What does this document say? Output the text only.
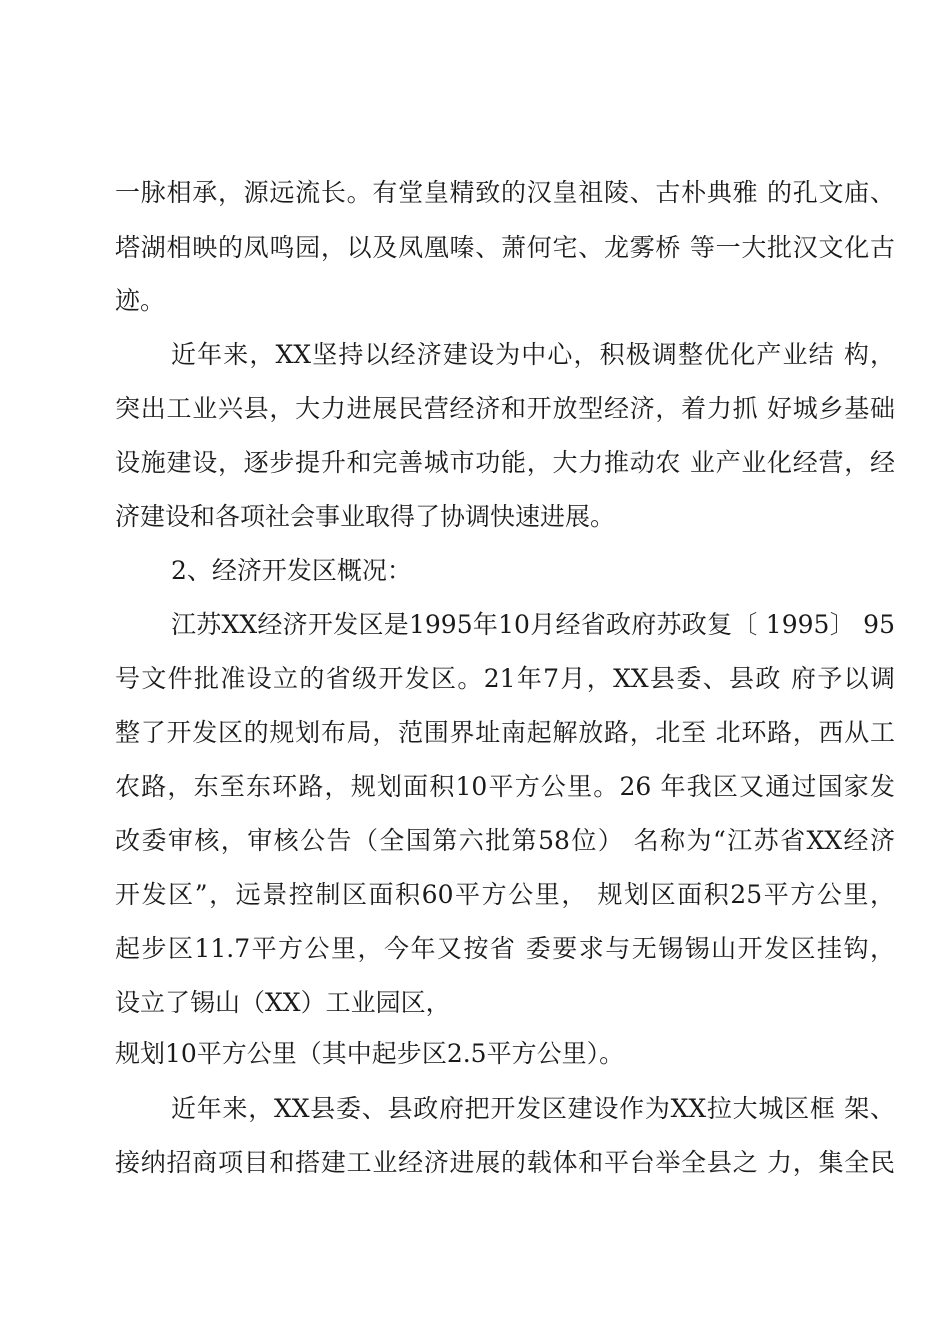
一脉相承，源远流长。有堂皇精致的汉皇祖陵、古朴典雅 的孔文庙、
塔湖相映的凤鸣园，以及凤凰嗪、萧何宅、龙雾桥 等一大批汉文化古
迹。
近年来，XX坚持以经济建设为中心，积极调整优化产业结 构，
突出工业兴县，大力进展民营经济和开放型经济，着力抓 好城乡基础
设施建设，逐步提升和完善城市功能，大力推动农 业产业化经营，经
济建设和各项社会事业取得了协调快速进展。
2、经济开发区概况：
江苏XX经济开发区是1995年10月经省政府苏政复〔 1995〕 95
号文件批准设立的省级开发区。21年7月，XX县委、县政 府予以调
整了开发区的规划布局，范围界址南起解放路，北至 北环路，西从工
农路，东至东环路，规划面积10平方公里。26 年我区又通过国家发
改委审核，审核公告（全国第六批第58位） 名称为“江苏省XX经济
开发区”，远景控制区面积60平方公里， 规划区面积25平方公里，
起步区11.7平方公里，今年又按省 委要求与无锡锡山开发区挂钩，
设立了锡山（XX）工业园区，
规划10平方公里（其中起步区2.5平方公里）。
近年来，XX县委、县政府把开发区建设作为XX拉大城区框 架、
接纳招商项目和搭建工业经济进展的载体和平台举全县之 力，集全民
